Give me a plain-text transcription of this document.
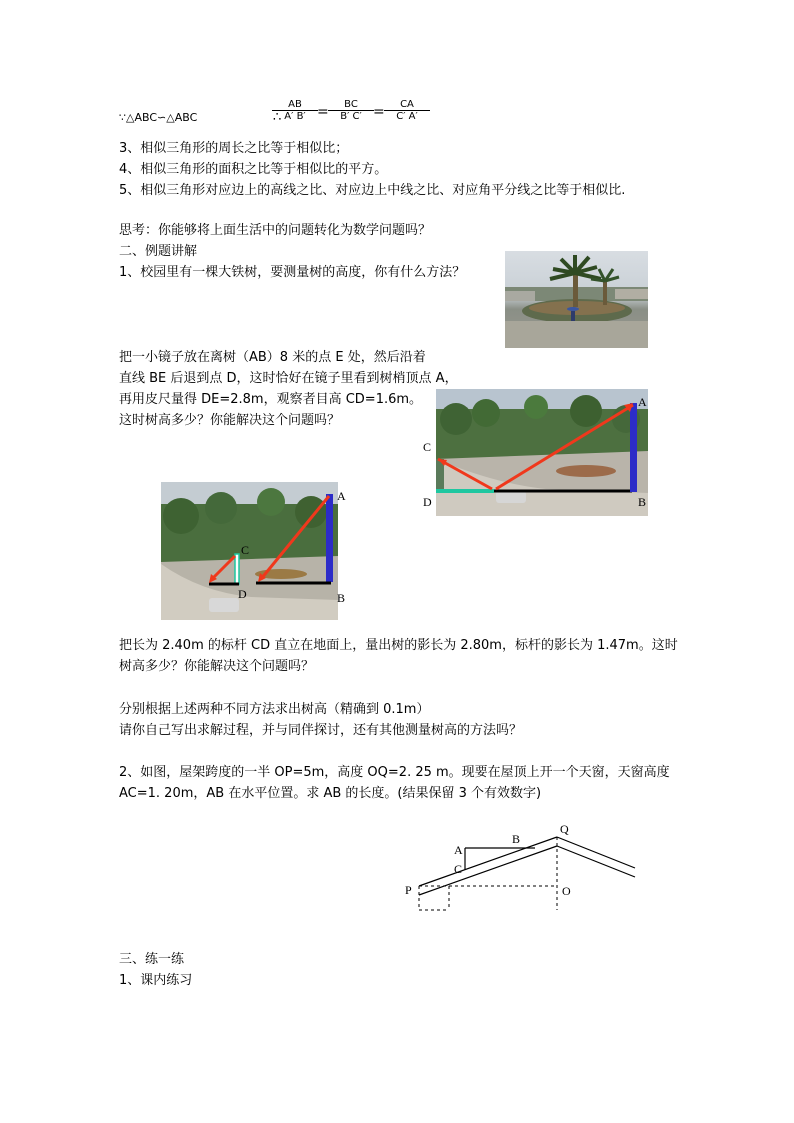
∵△ABC∽△ABC	∴
AB
A′ B′ =	BC
B′ C′ =	CA
C′ A′
3、相似三角形的周长之比等于相似比；
4、相似三角形的面积之比等于相似比的平方。
5、相似三角形对应边上的高线之比、对应边上中线之比、对应角平分线之比等于相似比.
思考：你能够将上面生活中的问题转化为数学问题吗？
二、例题讲解
1、校园里有一棵大铁树，要测量树的高度，你有什么方法？
把一小镜子放在离树（AB）8 米的点 E 处，然后沿着
直线 BE 后退到点 D，这时恰好在镜子里看到树梢顶点 A，
再用皮尺量得 DE=2.8m，观察者目高 CD=1.6m。
这时树高多少？你能解决这个问题吗？
A
B
C
D
A
B
C
D
把长为 2.40m 的标杆 CD 直立在地面上，量出树的影长为 2.80m，标杆的影长为 1.47m。这时
树高多少？你能解决这个问题吗？
分别根据上述两种不同方法求出树高（精确到 0.1m）
请你自己写出求解过程，并与同伴探讨，还有其他测量树高的方法吗？
2、如图，屋架跨度的一半 OP=5m，高度 OQ=2. 25 m。现要在屋顶上开一个天窗，天窗高度
AC=1. 20m，AB 在水平位置。求 AB 的长度。(结果保留 3 个有效数字)
Q
B
A
C
P	O
三、练一练
1、课内练习
